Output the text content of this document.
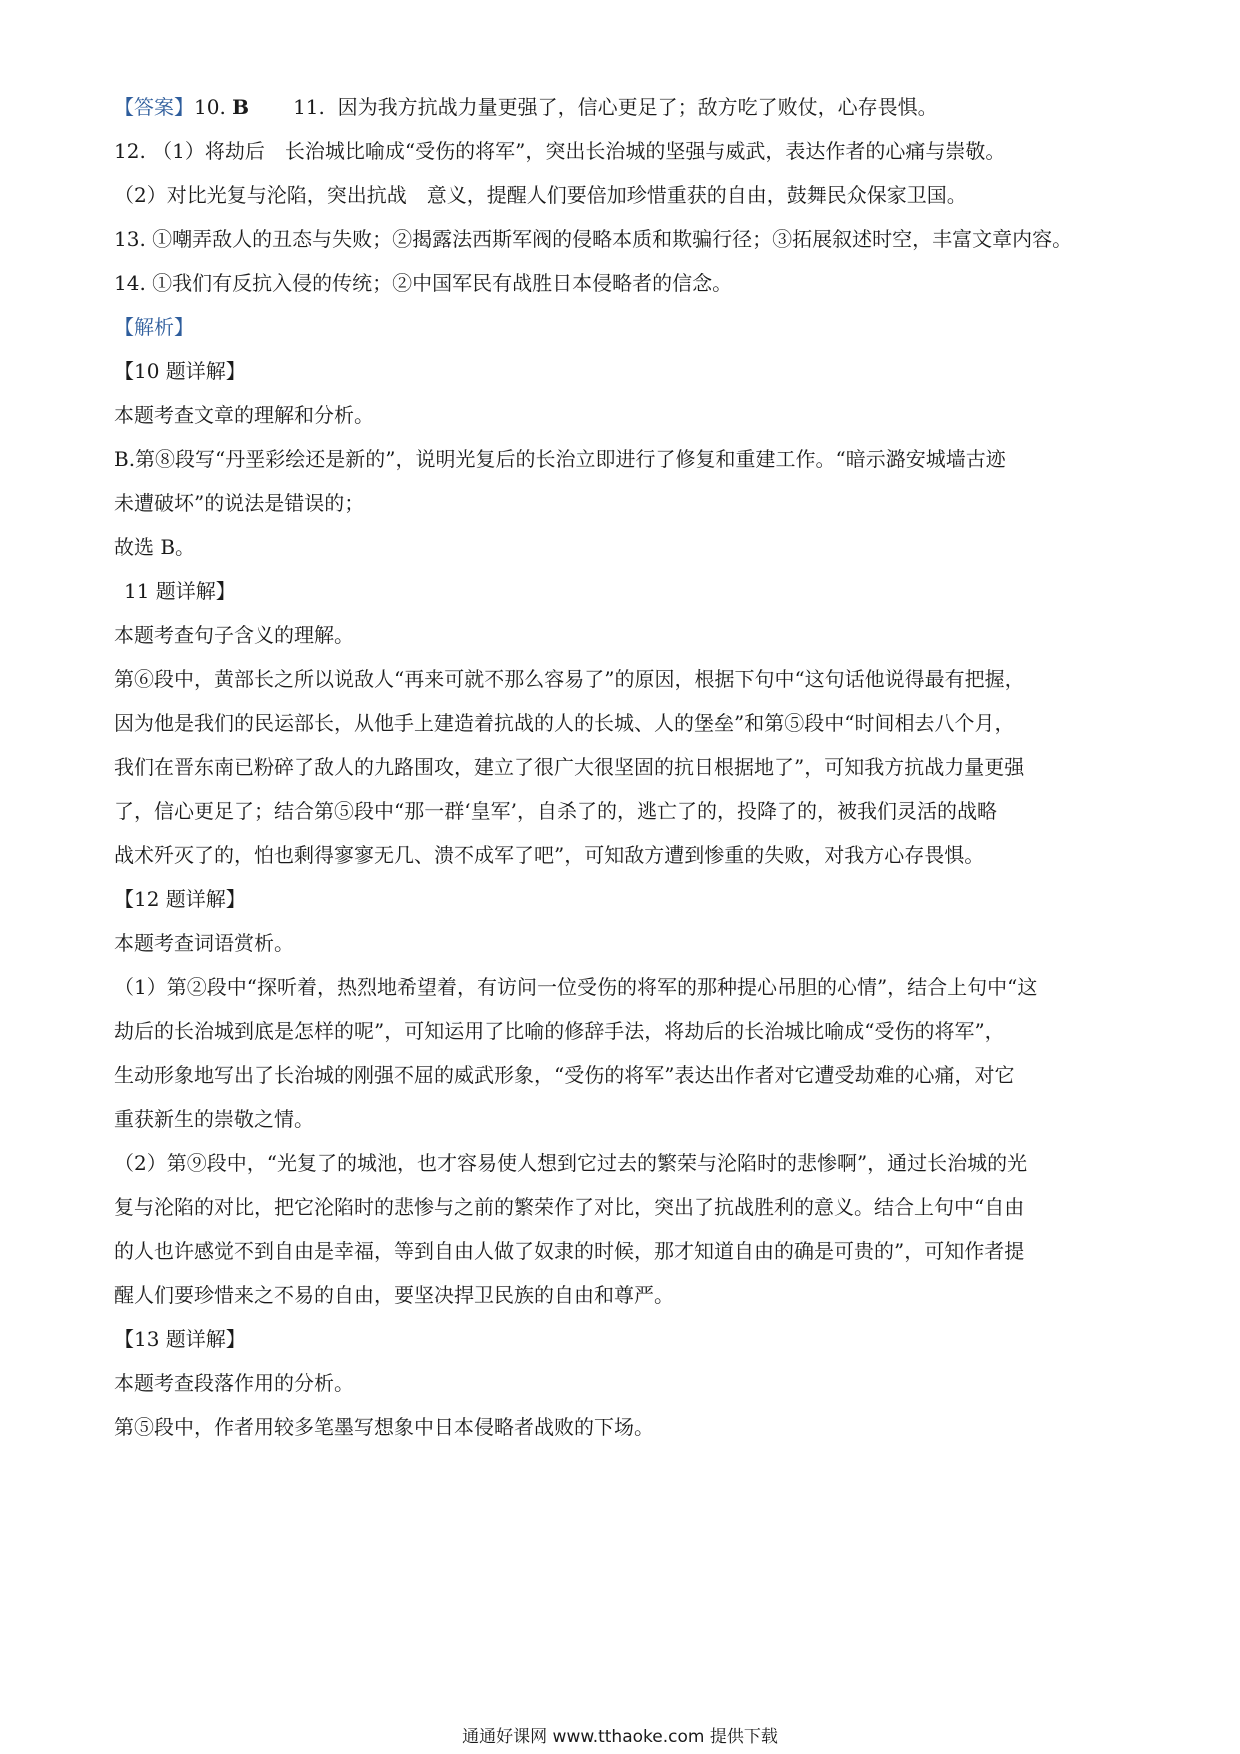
【答案】10. B 11. 因为我方抗战力量更强了，信心更足了；敌方吃了败仗，心存畏惧。
12. （1）将劫后　长治城比喻成“受伤的将军”，突出长治城的坚强与威武，表达作者的心痛与崇敬。
（2）对比光复与沦陷，突出抗战　意义，提醒人们要倍加珍惜重获的自由，鼓舞民众保家卫国。
13. ①嘲弄敌人的丑态与失败；②揭露法西斯军阀的侵略本质和欺骗行径；③拓展叙述时空，丰富文章内容。
14. ①我们有反抗入侵的传统；②中国军民有战胜日本侵略者的信念。
【解析】
【10 题详解】
本题考查文章的理解和分析。
B.第⑧段写“丹垩彩绘还是新的”，说明光复后的长治立即进行了修复和重建工作。“暗示潞安城墙古迹
未遭破坏”的说法是错误的；
故选 B。
11 题详解】
本题考查句子含义的理解。
第⑥段中，黄部长之所以说敌人“再来可就不那么容易了”的原因，根据下句中“这句话他说得最有把握，
因为他是我们的民运部长，从他手上建造着抗战的人的长城、人的堡垒”和第⑤段中“时间相去八个月，
我们在晋东南已粉碎了敌人的九路围攻，建立了很广大很坚固的抗日根据地了”，可知我方抗战力量更强
了，信心更足了；结合第⑤段中“那一群‘皇军’，自杀了的，逃亡了的，投降了的，被我们灵活的战略
战术歼灭了的，怕也剩得寥寥无几、溃不成军了吧”，可知敌方遭到惨重的失败，对我方心存畏惧。
【12 题详解】
本题考查词语赏析。
（1）第②段中“探听着，热烈地希望着，有访问一位受伤的将军的那种提心吊胆的心情”，结合上句中“这
劫后的长治城到底是怎样的呢”，可知运用了比喻的修辞手法，将劫后的长治城比喻成“受伤的将军”，
生动形象地写出了长治城的刚强不屈的威武形象，“受伤的将军”表达出作者对它遭受劫难的心痛，对它
重获新生的崇敬之情。
（2）第⑨段中，“光复了的城池，也才容易使人想到它过去的繁荣与沦陷时的悲惨啊”，通过长治城的光
复与沦陷的对比，把它沦陷时的悲惨与之前的繁荣作了对比，突出了抗战胜利的意义。结合上句中“自由
的人也许感觉不到自由是幸福，等到自由人做了奴隶的时候，那才知道自由的确是可贵的”，可知作者提
醒人们要珍惜来之不易的自由，要坚决捍卫民族的自由和尊严。
【13 题详解】
本题考查段落作用的分析。
第⑤段中，作者用较多笔墨写想象中日本侵略者战败的下场。
通通好课网 www.tthaoke.com 提供下载
